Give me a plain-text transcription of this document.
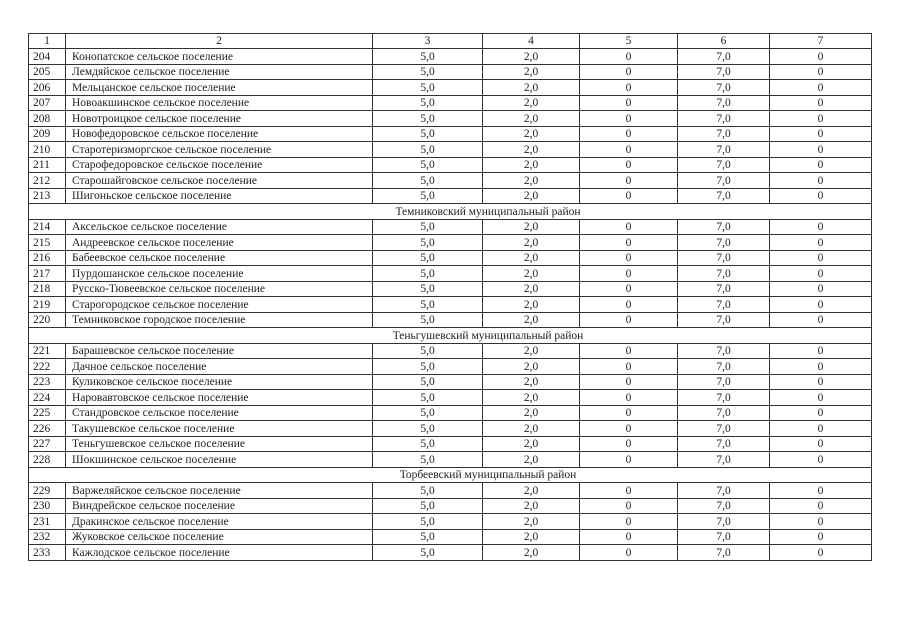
1	2	3	4	5	6	7
204	Конопатское сельское поселение	5,0	2,0	0	7,0	0
205	Лемдяйское сельское поселение	5,0	2,0	0	7,0	0
206	Мельцанское сельское поселение	5,0	2,0	0	7,0	0
207	Новоакшинское сельское поселение	5,0	2,0	0	7,0	0
208	Новотроицкое сельское поселение	5,0	2,0	0	7,0	0
209	Новофедоровское сельское поселение	5,0	2,0	0	7,0	0
210	Старотеризморгское сельское поселение	5,0	2,0	0	7,0	0
211	Старофедоровское сельское поселение	5,0	2,0	0	7,0	0
212	Старошайговское сельское поселение	5,0	2,0	0	7,0	0
213	Шигоньское сельское поселение	5,0	2,0	0	7,0	0
Темниковский муниципальный район						
214	Аксельское сельское поселение	5,0	2,0	0	7,0	0
215	Андреевское сельское поселение	5,0	2,0	0	7,0	0
216	Бабеевское сельское поселение	5,0	2,0	0	7,0	0
217	Пурдошанское сельское поселение	5,0	2,0	0	7,0	0
218	Русско-Тювеевское сельское поселение	5,0	2,0	0	7,0	0
219	Старогородское сельское поселение	5,0	2,0	0	7,0	0
220	Темниковское городское поселение	5,0	2,0	0	7,0	0
Теньгушевский муниципальный район						
221	Барашевское сельское поселение	5,0	2,0	0	7,0	0
222	Дачное сельское поселение	5,0	2,0	0	7,0	0
223	Куликовское сельское поселение	5,0	2,0	0	7,0	0
224	Наровавтовское сельское поселение	5,0	2,0	0	7,0	0
225	Стандровское сельское поселение	5,0	2,0	0	7,0	0
226	Такушевское сельское поселение	5,0	2,0	0	7,0	0
227	Теньгушевское сельское поселение	5,0	2,0	0	7,0	0
228	Шокшинское сельское поселение	5,0	2,0	0	7,0	0
Торбеевский муниципальный район						
229	Варжеляйское сельское поселение	5,0	2,0	0	7,0	0
230	Виндрейское сельское поселение	5,0	2,0	0	7,0	0
231	Дракинское сельское поселение	5,0	2,0	0	7,0	0
232	Жуковское сельское поселение	5,0	2,0	0	7,0	0
233	Кажлодское сельское поселение	5,0	2,0	0	7,0	0
